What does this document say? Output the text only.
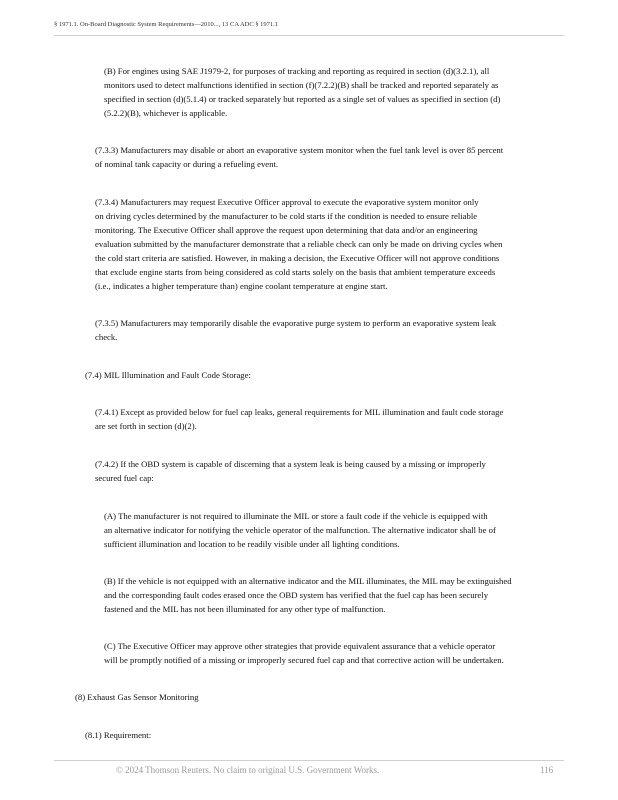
§ 1971.1. On-Board Diagnostic System Requirements—2010..., 13 CA ADC § 1971.1

(B) For engines using SAE J1979-2, for purposes of tracking and reporting as required in section (d)(3.2.1), all
monitors used to detect malfunctions identified in section (f)(7.2.2)(B) shall be tracked and reported separately as
specified in section (d)(5.1.4) or tracked separately but reported as a single set of values as specified in section (d)
(5.2.2)(B), whichever is applicable.

(7.3.3) Manufacturers may disable or abort an evaporative system monitor when the fuel tank level is over 85 percent
of nominal tank capacity or during a refueling event.

(7.3.4) Manufacturers may request Executive Officer approval to execute the evaporative system monitor only
on driving cycles determined by the manufacturer to be cold starts if the condition is needed to ensure reliable
monitoring. The Executive Officer shall approve the request upon determining that data and/or an engineering
evaluation submitted by the manufacturer demonstrate that a reliable check can only be made on driving cycles when
the cold start criteria are satisfied. However, in making a decision, the Executive Officer will not approve conditions
that exclude engine starts from being considered as cold starts solely on the basis that ambient temperature exceeds
(i.e., indicates a higher temperature than) engine coolant temperature at engine start.

(7.3.5) Manufacturers may temporarily disable the evaporative purge system to perform an evaporative system leak
check.

(7.4) MIL Illumination and Fault Code Storage:

(7.4.1) Except as provided below for fuel cap leaks, general requirements for MIL illumination and fault code storage
are set forth in section (d)(2).

(7.4.2) If the OBD system is capable of discerning that a system leak is being caused by a missing or improperly
secured fuel cap:

(A) The manufacturer is not required to illuminate the MIL or store a fault code if the vehicle is equipped with
an alternative indicator for notifying the vehicle operator of the malfunction. The alternative indicator shall be of
sufficient illumination and location to be readily visible under all lighting conditions.

(B) If the vehicle is not equipped with an alternative indicator and the MIL illuminates, the MIL may be extinguished
and the corresponding fault codes erased once the OBD system has verified that the fuel cap has been securely
fastened and the MIL has not been illuminated for any other type of malfunction.

(C) The Executive Officer may approve other strategies that provide equivalent assurance that a vehicle operator
will be promptly notified of a missing or improperly secured fuel cap and that corrective action will be undertaken.

(8) Exhaust Gas Sensor Monitoring

(8.1) Requirement:

© 2024 Thomson Reuters. No claim to original U.S. Government Works.	116
